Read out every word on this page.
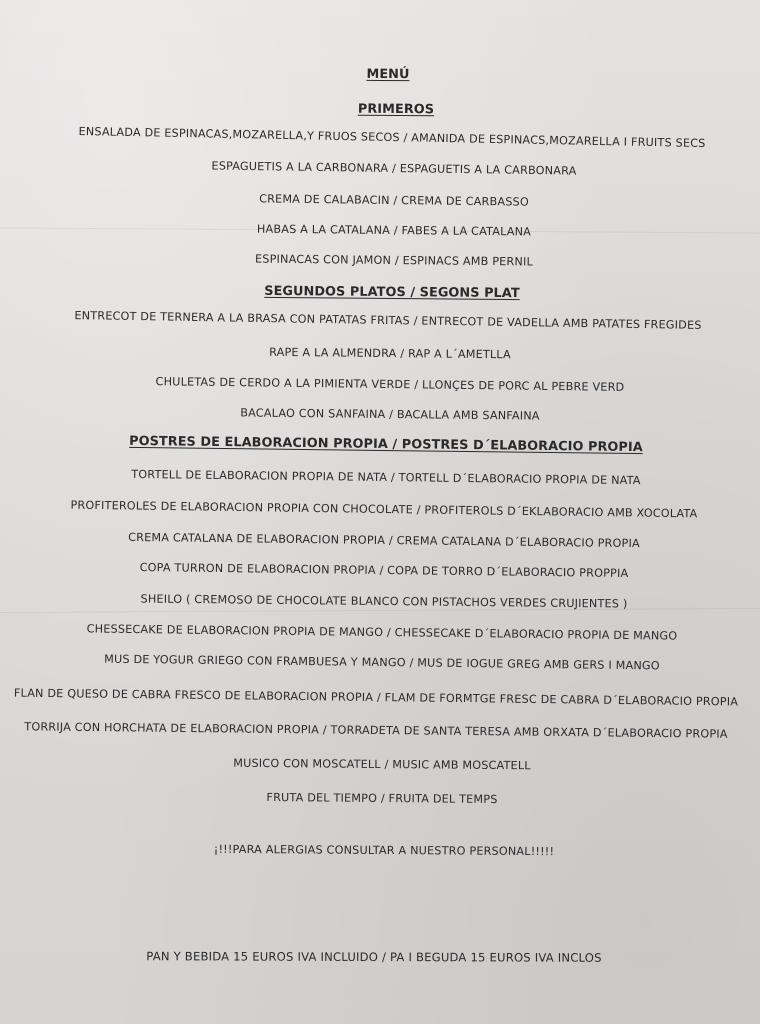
MENÚ
PRIMEROS
ENSALADA DE ESPINACAS,MOZARELLA,Y FRUOS SECOS / AMANIDA DE ESPINACS,MOZARELLA I FRUITS SECS
ESPAGUETIS A LA CARBONARA / ESPAGUETIS A LA CARBONARA
CREMA DE CALABACIN / CREMA DE CARBASSO
HABAS A LA CATALANA / FABES A LA CATALANA
ESPINACAS CON JAMON / ESPINACS AMB PERNIL
SEGUNDOS PLATOS / SEGONS PLAT
ENTRECOT DE TERNERA A LA BRASA CON PATATAS FRITAS / ENTRECOT DE VADELLA AMB PATATES FREGIDES
RAPE A LA ALMENDRA / RAP A L´AMETLLA
CHULETAS DE CERDO A LA PIMIENTA VERDE / LLONÇES DE PORC AL PEBRE VERD
BACALAO CON SANFAINA / BACALLA AMB SANFAINA
POSTRES DE ELABORACION PROPIA / POSTRES D´ELABORACIO PROPIA
TORTELL DE ELABORACION PROPIA DE NATA / TORTELL D´ELABORACIO PROPIA DE NATA
PROFITEROLES DE ELABORACION PROPIA CON CHOCOLATE / PROFITEROLS D´EKLABORACIO AMB XOCOLATA
CREMA CATALANA DE ELABORACION PROPIA / CREMA CATALANA D´ELABORACIO PROPIA
COPA TURRON DE ELABORACION PROPIA / COPA DE TORRO D´ELABORACIO PROPPIA
SHEILO ( CREMOSO DE CHOCOLATE BLANCO CON PISTACHOS VERDES CRUJIENTES )
CHESSECAKE DE ELABORACION PROPIA DE MANGO / CHESSECAKE D´ELABORACIO PROPIA DE MANGO
MUS DE YOGUR GRIEGO CON FRAMBUESA Y MANGO / MUS DE IOGUE GREG AMB GERS I MANGO
FLAN DE QUESO DE CABRA FRESCO DE ELABORACION PROPIA / FLAM DE FORMTGE FRESC DE CABRA D´ELABORACIO PROPIA
TORRIJA CON HORCHATA DE ELABORACION PROPIA / TORRADETA DE SANTA TERESA AMB ORXATA D´ELABORACIO PROPIA
MUSICO CON MOSCATELL / MUSIC AMB MOSCATELL
FRUTA DEL TIEMPO / FRUITA DEL TEMPS
¡!!!PARA ALERGIAS CONSULTAR A NUESTRO PERSONAL!!!!!
PAN Y BEBIDA 15 EUROS IVA INCLUIDO / PA I BEGUDA 15 EUROS IVA INCLOS
